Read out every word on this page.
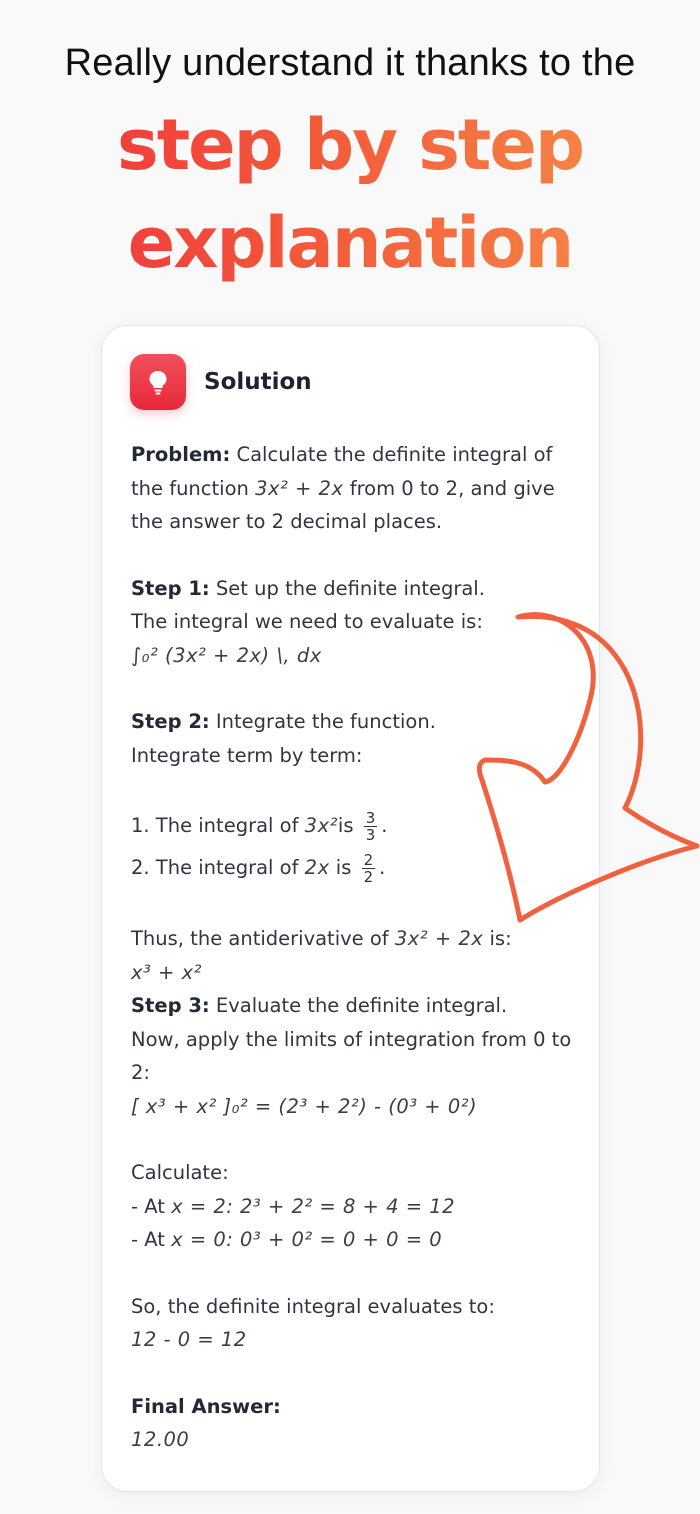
Really understand it thanks to the
step by step
explanation
Solution

Problem: Calculate the definite integral of the function 3x² + 2x from 0 to 2, and give the answer to 2 decimal places.

Step 1: Set up the definite integral.

The integral we need to evaluate is:

∫₀² (3x² + 2x) \, dx

Step 2: Integrate the function.

Integrate term by term:

1. The integral of $3x^2is \frac{3}{3}$ .

2. The integral of 2x is $\frac{2}{2}$ .

Thus, the antiderivative of 3x² + 2x is:

x³ + x²

Step 3: Evaluate the definite integral.

Now, apply the limits of integration from 0 to 2:

[ x³ + x² ]₀² = (2³ + 2²) - (0³ + 0²)

Calculate:

- At x = 2: 2³ + 2² = 8 + 4 = 12

- At x = 0: 0³ + 0² = 0 + 0 = 0

So, the definite integral evaluates to:

12 - 0 = 12

Final Answer:

12.00
